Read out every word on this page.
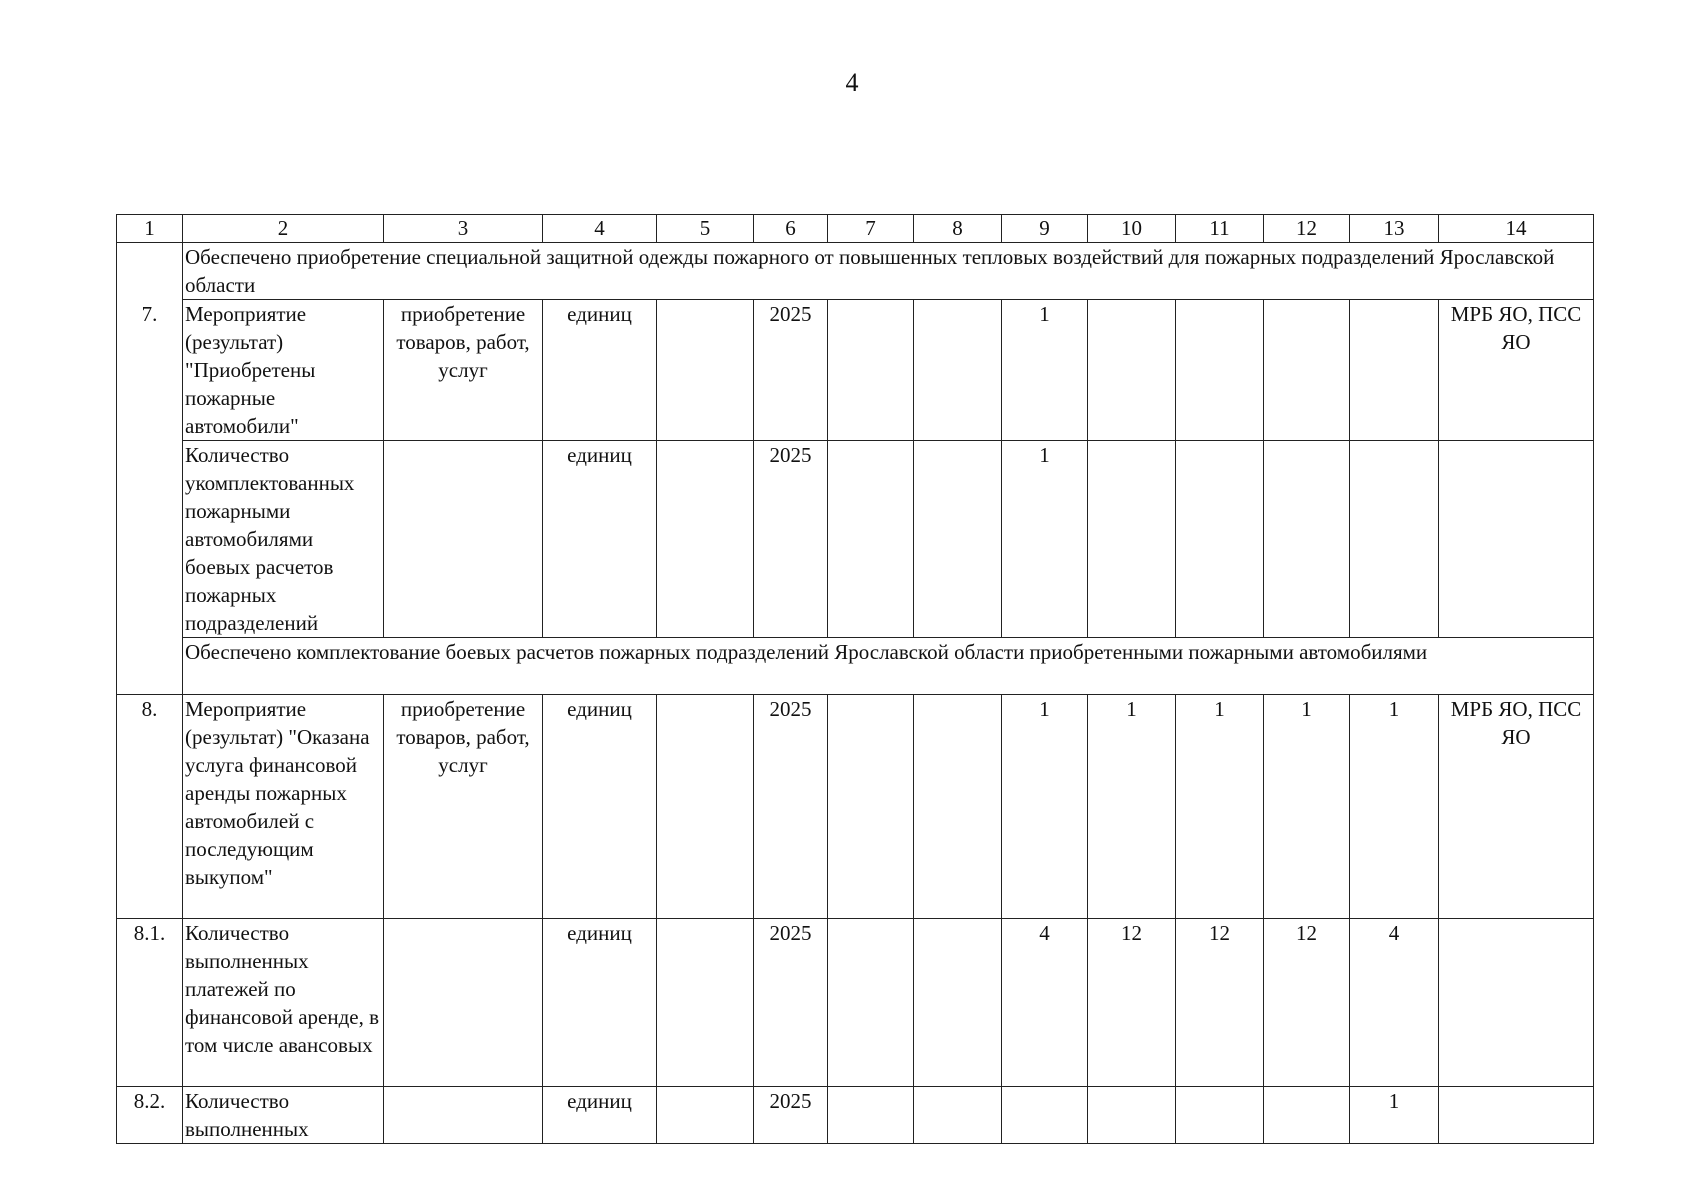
4
1	2	3	4	5	6	7	8	9	10	11	12	13	14
	Обеспечено приобретение специальной защитной одежды пожарного от повышенных тепловых воздействий для пожарных подразделений Ярославской области												
7.	Мероприятие (результат) "Приобретены пожарные автомобили"	приобретение товаров, работ, услуг	единиц		2025			1					МРБ ЯО, ПСС ЯО
	Количество укомплектованных пожарными автомобилями боевых расчетов пожарных подразделений		единиц		2025			1					
	Обеспечено комплектование боевых расчетов пожарных подразделений Ярославской области приобретенными пожарными автомобилями												
8.	Мероприятие (результат) "Оказана услуга финансовой аренды пожарных автомобилей с последующим выкупом"	приобретение товаров, работ, услуг	единиц		2025			1	1	1	1	1	МРБ ЯО, ПСС ЯО
8.1.	Количество выполненных платежей по финансовой аренде, в том числе авансовых		единиц		2025			4	12	12	12	4	
8.2.	Количество выполненных		единиц		2025							1	
